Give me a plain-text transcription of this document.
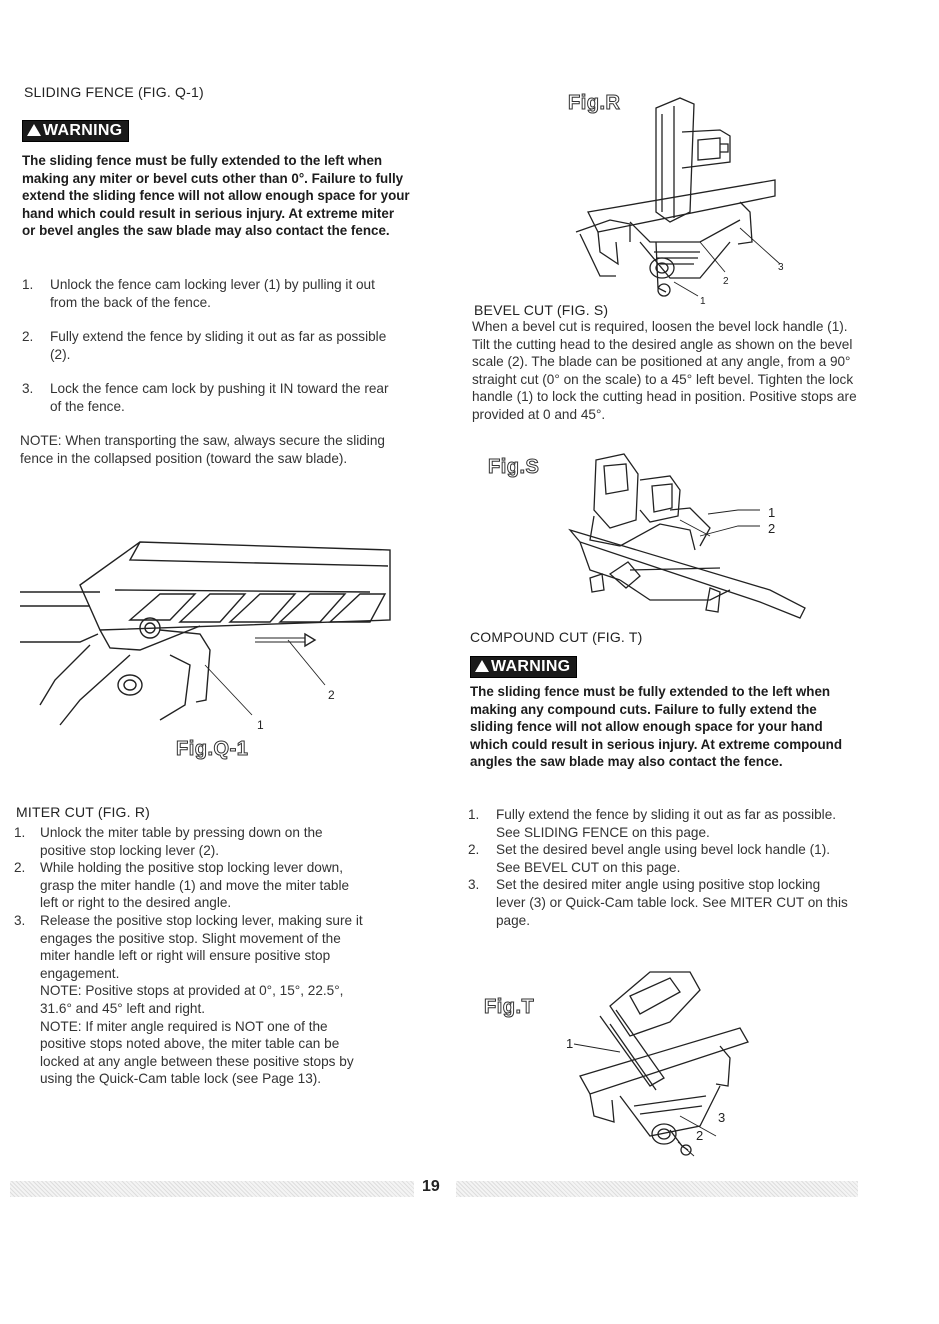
SLIDING FENCE (FIG. Q-1)
WARNING
The sliding fence must be fully extended to the left when making any miter or bevel cuts other than 0°. Failure to fully extend the sliding fence will not allow enough space for your hand which could result in serious injury. At extreme miter or bevel angles the saw blade may also contact the fence.
1. Unlock the fence cam locking lever (1) by pulling it out from the back of the fence.
2. Fully extend the fence by sliding it out as far as possible (2).
3. Lock the fence cam lock by pushing it IN toward the rear of the fence.
NOTE: When transporting the saw, always secure the sliding fence in the collapsed position (toward the saw blade).
2
1
Fig.Q-1
MITER CUT (FIG. R)
1. Unlock the miter table by pressing down on the positive stop locking lever (2).
2. While holding the positive stop locking lever down, grasp the miter handle (1) and move the miter table left or right to the desired angle.
3. Release the positive stop locking lever, making sure it engages the positive stop. Slight movement of the miter handle left or right will ensure positive stop engagement.
NOTE: Positive stops at provided at 0°, 15°, 22.5°, 31.6° and 45° left and right.
NOTE: If miter angle required is NOT one of the positive stops noted above, the miter table can be locked at any angle between these positive stops by using the Quick-Cam table lock (see Page 13).
Fig.R
2
3
1
BEVEL CUT (FIG. S)
When a bevel cut is required, loosen the bevel lock handle (1). Tilt the cutting head to the desired angle as shown on the bevel scale (2). The blade can be positioned at any angle, from a 90° straight cut (0° on the scale) to a 45° left bevel. Tighten the lock handle (1) to lock the cutting head in position. Positive stops are provided at 0 and 45°.
Fig.S
1
2
COMPOUND CUT (FIG. T)
WARNING
The sliding fence must be fully extended to the left when making any compound cuts. Failure to fully extend the sliding fence will not allow enough space for your hand which could result in serious injury. At extreme compound angles the saw blade may also contact the fence.
1. Fully extend the fence by sliding it out as far as possible. See SLIDING FENCE on this page.
2. Set the desired bevel angle using bevel lock handle (1). See BEVEL CUT on this page.
3. Set the desired miter angle using positive stop locking lever (3) or Quick-Cam table lock. See MITER CUT on this page.
Fig.T
1
3
2
19
